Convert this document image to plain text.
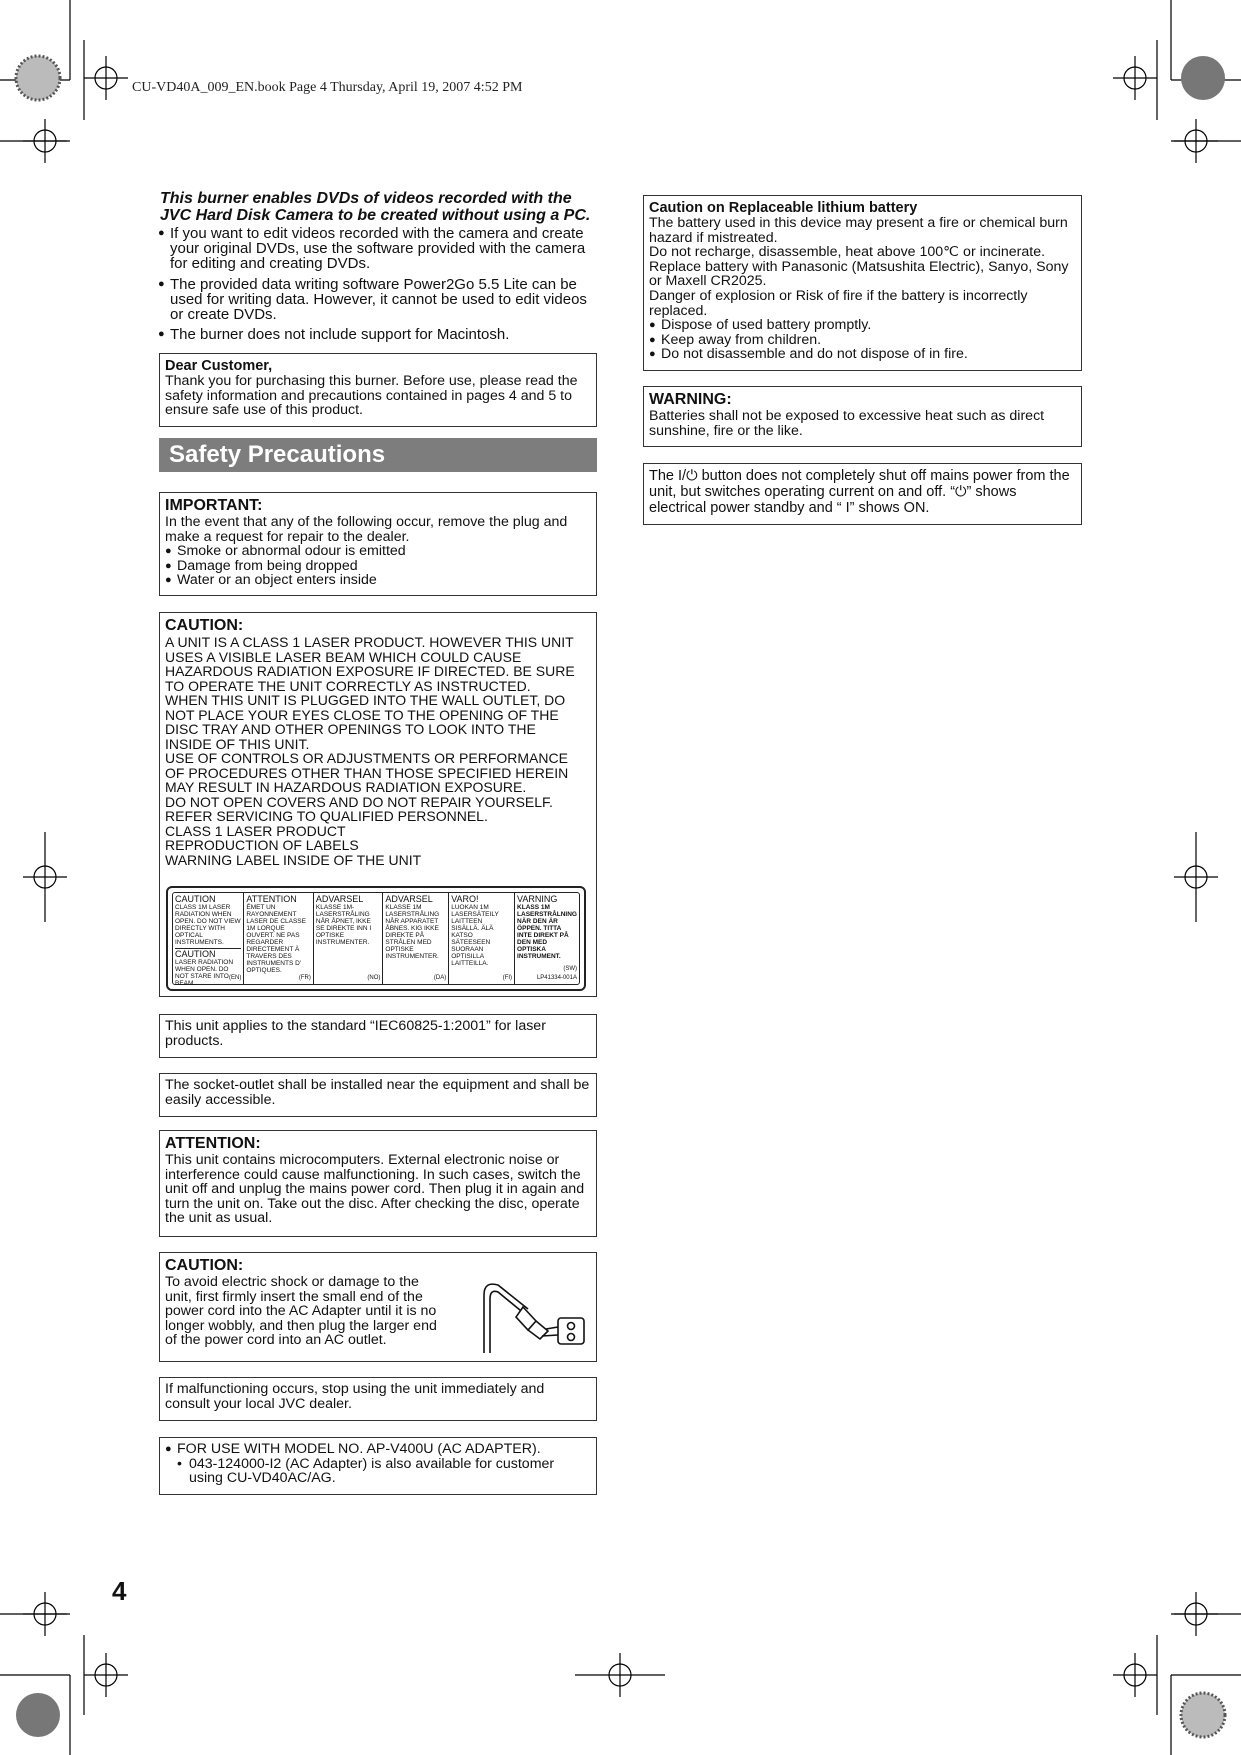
CU-VD40A_009_EN.book Page 4 Thursday, April 19, 2007 4:52 PM
This burner enables DVDs of videos recorded with the JVC Hard Disk Camera to be created without using a PC.
● If you want to edit videos recorded with the camera and create your original DVDs, use the software provided with the camera for editing and creating DVDs.
● The provided data writing software Power2Go 5.5 Lite can be used for writing data. However, it cannot be used to edit videos or create DVDs.
● The burner does not include support for Macintosh.
Dear Customer,

Thank you for purchasing this burner. Before use, please read the safety information and precautions contained in pages 4 and 5 to ensure safe use of this product.

Safety Precautions
IMPORTANT:

In the event that any of the following occur, remove the plug and make a request for repair to the dealer.

● Smoke or abnormal odour is emitted
● Damage from being dropped
● Water or an object enters inside
CAUTION:
A UNIT IS A CLASS 1 LASER PRODUCT. HOWEVER THIS UNIT
USES A VISIBLE LASER BEAM WHICH COULD CAUSE
HAZARDOUS RADIATION EXPOSURE IF DIRECTED. BE SURE
TO OPERATE THE UNIT CORRECTLY AS INSTRUCTED.
WHEN THIS UNIT IS PLUGGED INTO THE WALL OUTLET, DO
NOT PLACE YOUR EYES CLOSE TO THE OPENING OF THE
DISC TRAY AND OTHER OPENINGS TO LOOK INTO THE
INSIDE OF THIS UNIT.
USE OF CONTROLS OR ADJUSTMENTS OR PERFORMANCE
OF PROCEDURES OTHER THAN THOSE SPECIFIED HEREIN
MAY RESULT IN HAZARDOUS RADIATION EXPOSURE.
DO NOT OPEN COVERS AND DO NOT REPAIR YOURSELF.
REFER SERVICING TO QUALIFIED PERSONNEL.
CLASS 1 LASER PRODUCT
REPRODUCTION OF LABELS
WARNING LABEL INSIDE OF THE UNIT
CAUTION
CLASS 1M LASER RADIATION WHEN OPEN. DO NOT VIEW DIRECTLY WITH OPTICAL INSTRUMENTS.
CAUTION
LASER RADIATION WHEN OPEN. DO NOT STARE INTO BEAM.
(EN)
ATTENTION
ÉMET UN RAYONNEMENT LASER DE CLASSE 1M LORQUE OUVERT. NE PAS REGARDER DIRECTEMENT À TRAVERS DES INSTRUMENTS D' OPTIQUES.
(FR)
ADVARSEL
KLASSE 1M-LASERSTRÅLING NÅR ÅPNET, IKKE SE DIREKTE INN I OPTISKE INSTRUMENTER.
(NO)
ADVARSEL
KLASSE 1M LASERSTRÅLING NÅR APPARATET ÅBNES. KIG IKKE DIREKTE PÅ STRÅLEN MED OPTISKE INSTRUMENTER.
(DA)
VARO!
LUOKAN 1M LASERSÄTEILY LAITTEEN SISÄLLÄ. ÄLÄ KATSO SÄTEESEEN SUORAAN OPTISILLA LAITTEILLA.
(FI)
VARNING
KLASS 1M LASERSTRÅLNING NÄR DEN ÄR ÖPPEN. TITTA INTE DIREKT PÅ DEN MED OPTISKA INSTRUMENT.
(SW)
LP41334-001A

This unit applies to the standard “IEC60825-1:2001” for laser products.

The socket-outlet shall be installed near the equipment and shall be easily accessible.

ATTENTION:

This unit contains microcomputers. External electronic noise or interference could cause malfunctioning. In such cases, switch the unit off and unplug the mains power cord. Then plug it in again and turn the unit on. Take out the disc. After checking the disc, operate the unit as usual.

CAUTION:

To avoid electric shock or damage to the unit, first firmly insert the small end of the power cord into the AC Adapter until it is no longer wobbly, and then plug the larger end of the power cord into an AC outlet.

If malfunctioning occurs, stop using the unit immediately and consult your local JVC dealer.

● FOR USE WITH MODEL NO. AP-V400U (AC ADAPTER).
• 043-124000-I2 (AC Adapter) is also available for customer using CU-VD40AC/AG.
Caution on Replaceable lithium battery

The battery used in this device may present a fire or chemical burn hazard if mistreated.

Do not recharge, disassemble, heat above 100℃ or incinerate.

Replace battery with Panasonic (Matsushita Electric), Sanyo, Sony or Maxell CR2025.

Danger of explosion or Risk of fire if the battery is incorrectly replaced.

● Dispose of used battery promptly.
● Keep away from children.
● Do not disassemble and do not dispose of in fire.
WARNING:

Batteries shall not be exposed to excessive heat such as direct sunshine, fire or the like.

The I/⏻ button does not completely shut off mains power from the unit, but switches operating current on and off. “⏻” shows electrical power standby and “ I” shows ON.

4
